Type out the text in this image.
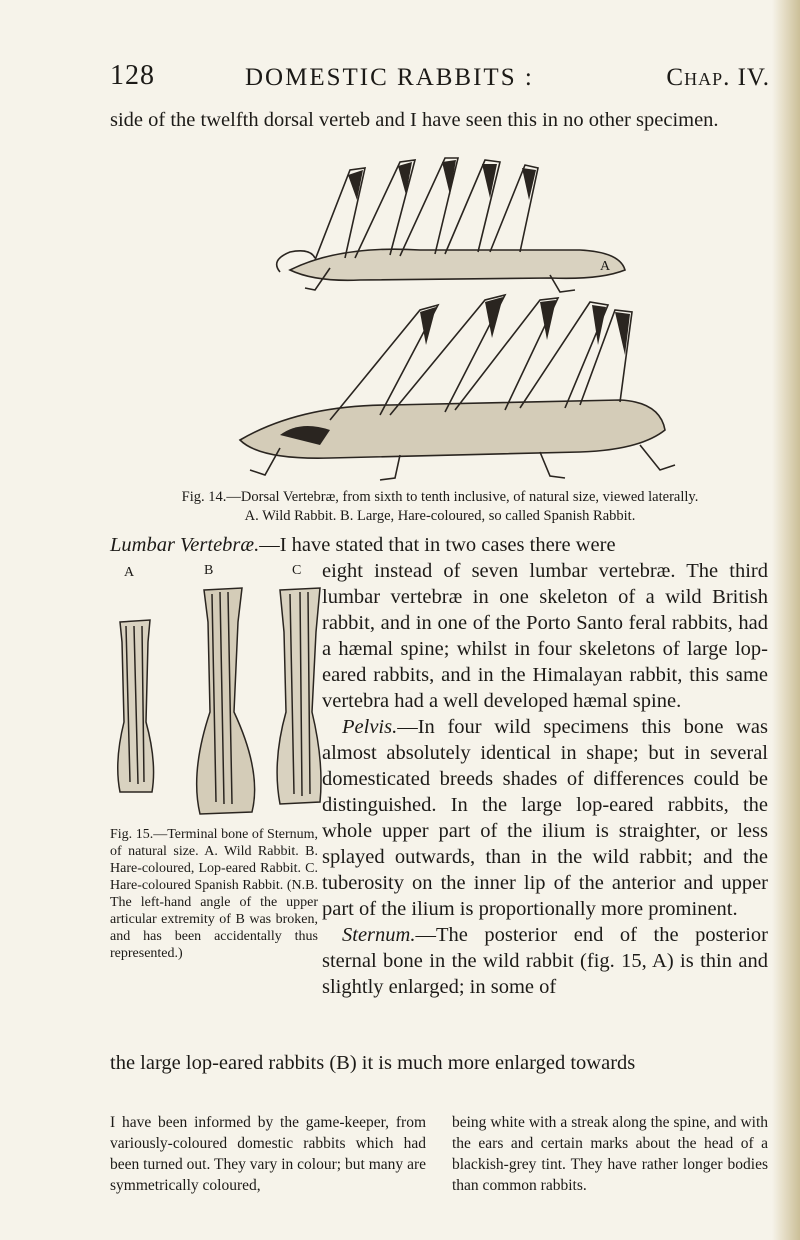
128	DOMESTIC RABBITS :	Chap. IV.
side of the twelfth dorsal verteb and I have seen this in no other specimen.
A
Fig. 14.—Dorsal Vertebræ, from sixth to tenth inclusive, of natural size, viewed laterally.
A. Wild Rabbit. B. Large, Hare-coloured, so called Spanish Rabbit.
Lumbar Vertebræ.—I have stated that in two cases there were
A	B	C
Fig. 15.—Terminal bone of Sternum, of natural size. A. Wild Rabbit. B. Hare-coloured, Lop-eared Rabbit. C. Hare-coloured Spanish Rabbit. (N.B. The left-hand angle of the upper articular extremity of B was broken, and has been accidentally thus represented.)

eight instead of seven lumbar vertebræ. The third lumbar vertebræ in one skeleton of a wild British rabbit, and in one of the Porto Santo feral rabbits, had a hæmal spine; whilst in four skeletons of large lop-eared rabbits, and in the Himalayan rabbit, this same vertebra had a well developed hæmal spine.

Pelvis.—In four wild specimens this bone was almost absolutely identical in shape; but in several domesticated breeds shades of differences could be distinguished. In the large lop-eared rabbits, the whole upper part of the ilium is straighter, or less splayed outwards, than in the wild rabbit; and the tuberosity on the inner lip of the anterior and upper part of the ilium is proportionally more prominent.

Sternum.—The posterior end of the posterior sternal bone in the wild rabbit (fig. 15, A) is thin and slightly enlarged; in some of

the large lop-eared rabbits (B) it is much more enlarged towards
I have been informed by the game-keeper, from variously-coloured domestic rabbits which had been turned out. They vary in colour; but many are symmetrically coloured,
being white with a streak along the spine, and with the ears and certain marks about the head of a blackish-grey tint. They have rather longer bodies than common rabbits.
